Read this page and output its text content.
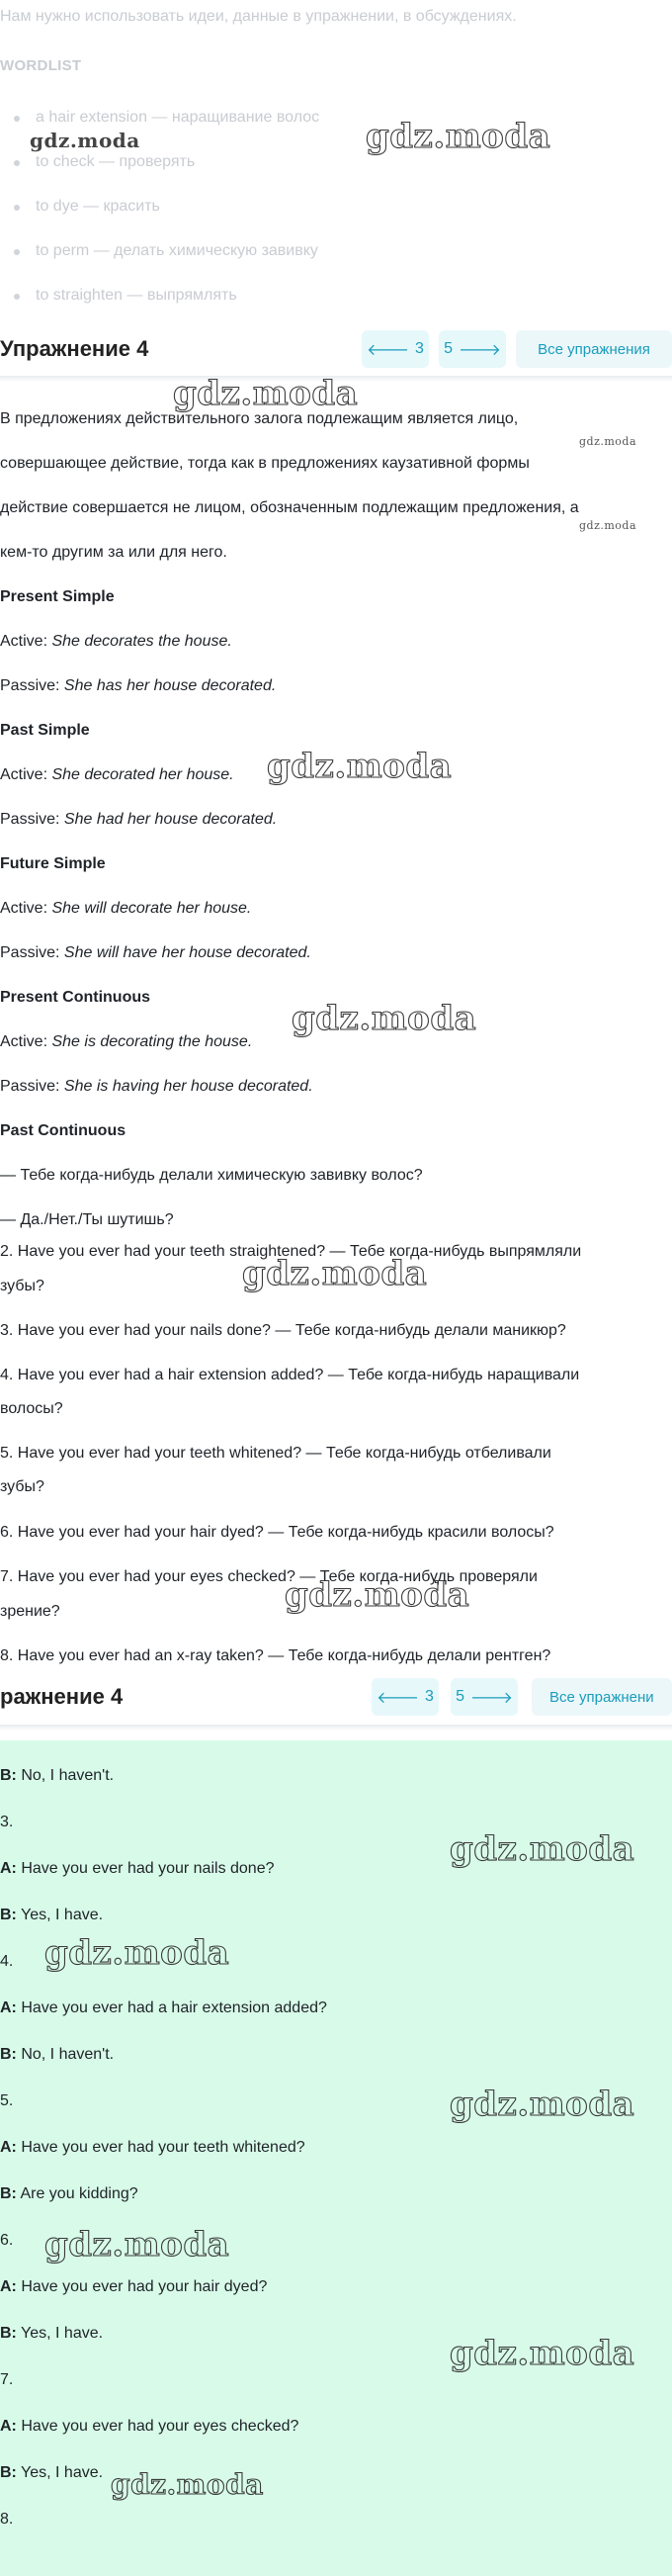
Нам нужно использовать идеи, данные в упражнении, в обсуждениях.
WORDLIST
a hair extension — наращивание волос
to check — проверять
to dye — красить
to perm — делать химическую завивку
to straighten — выпрямлять
Упражнение 4	🡐 3 5 🡒	Все упражнения
В предложениях действительного залога подлежащим является лицо,
совершающее действие, тогда как в предложениях каузативной формы
действие совершается не лицом, обозначенным подлежащим предложения, а
кем-то другим за или для него.
Present Simple
Active: She decorates the house.
Passive: She has her house decorated.
Past Simple
Active: She decorated her house.
Passive: She had her house decorated.
Future Simple
Active: She will decorate her house.
Passive: She will have her house decorated.
Present Continuous
Active: She is decorating the house.
Passive: She is having her house decorated.
Past Continuous
— Тебе когда-нибудь делали химическую завивку волос?
— Да./Нет./Ты шутишь?
2. Have you ever had your teeth straightened? — Тебе когда-нибудь выпрямляли
зубы?
3. Have you ever had your nails done? — Тебе когда-нибудь делали маникюр?
4. Have you ever had a hair extension added? — Тебе когда-нибудь наращивали
волосы?
5. Have you ever had your teeth whitened? — Тебе когда-нибудь отбеливали
зубы?
6. Have you ever had your hair dyed? — Тебе когда-нибудь красили волосы?
7. Have you ever had your eyes checked? — Тебе когда-нибудь проверяли
зрение?
8. Have you ever had an x-ray taken? — Тебе когда-нибудь делали рентген?
ражнение 4	🡐 3 5 🡒	Все упражнени
B: No, I haven't.
3.
A: Have you ever had your nails done?
B: Yes, I have.
4.
A: Have you ever had a hair extension added?
B: No, I haven't.
5.
A: Have you ever had your teeth whitened?
B: Are you kidding?
6.
A: Have you ever had your hair dyed?
B: Yes, I have.
7.
A: Have you ever had your eyes checked?
B: Yes, I have.
8.
gdz.moda	gdz.moda
gdz.moda
gdz.moda
gdz.moda
gdz.moda
gdz.moda
gdz.moda
gdz.moda
